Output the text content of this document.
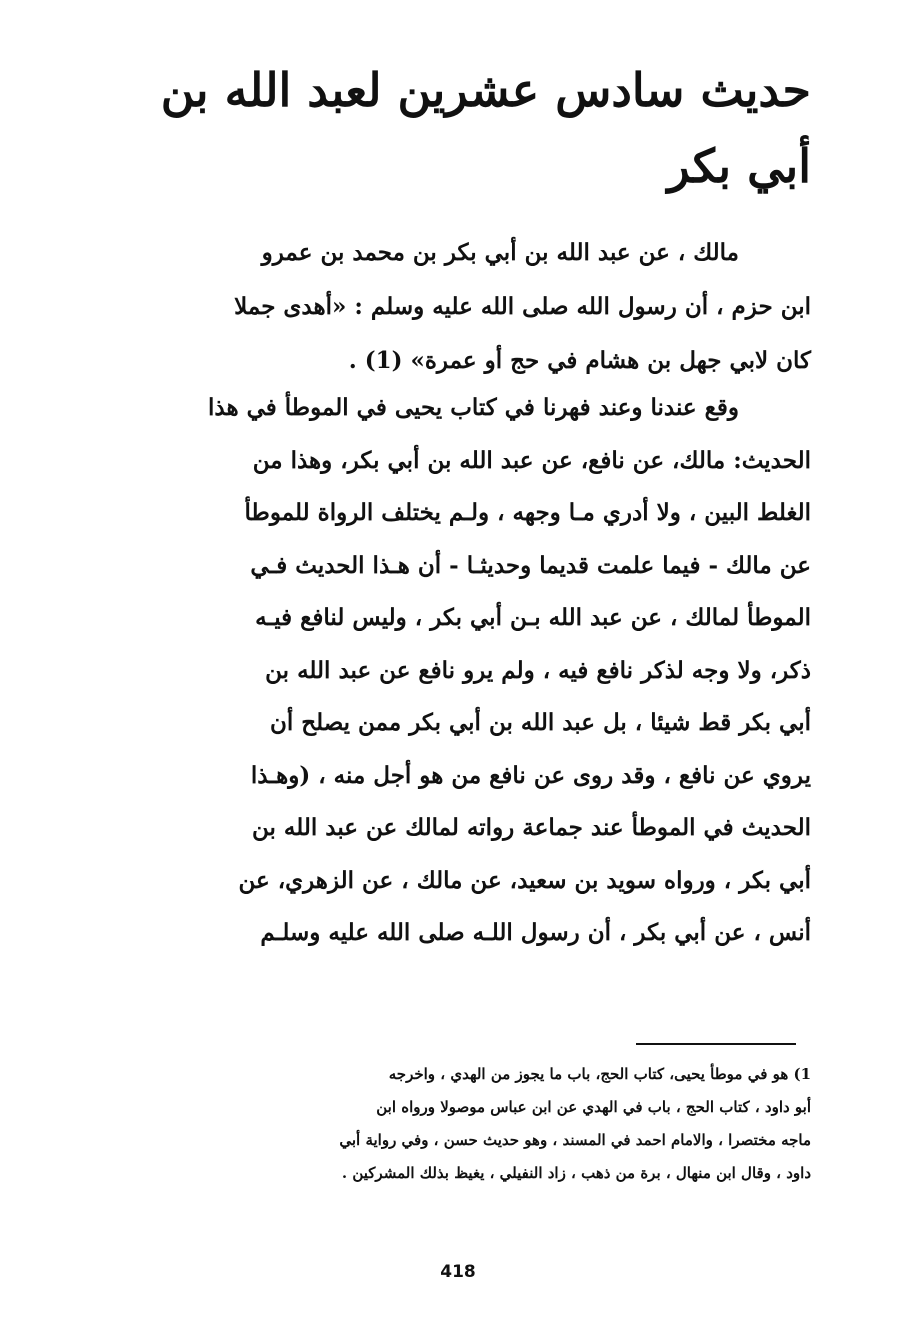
حديث سادس عشرين لعبد الله بن
أبي بكر
مالك ، عن عبد الله بن أبي بكر بن محمد بن عمرو
ابن حزم ، أن رسول الله صلى الله عليه وسلم : «أهدى جملا
كان لابي جهل بن هشام في حج أو عمرة» (1) .
وقع عندنا وعند فهرنا في كتاب يحيى في الموطأ في هذا
الحديث: مالك، عن نافع، عن عبد الله بن أبي بكر، وهذا من
الغلط البين ، ولا أدري مـا وجهه ، ولـم يختلف الرواة للموطأ
عن مالك - فيما علمت قديما وحديثـا - أن هـذا الحديث فـي
الموطأ لمالك ، عن عبد الله بـن أبي بكر ، وليس لنافع فيـه
ذكر، ولا وجه لذكر نافع فيه ، ولم يرو نافع عن عبد الله بن
أبي بكر قط شيئا ، بل عبد الله بن أبي بكر ممن يصلح أن
يروي عن نافع ، وقد روى عن نافع من هو أجل منه ، (وهـذا
الحديث في الموطأ عند جماعة رواته لمالك عن عبد الله بن
أبي بكر ، ورواه سويد بن سعيد، عن مالك ، عن الزهري، عن
أنس ، عن أبي بكر ، أن رسول اللـه صلى الله عليه وسلـم
1) هو في موطأ يحيى، كتاب الحج، باب ما يجوز من الهدي ، واخرجه
أبو داود ، كتاب الحج ، باب في الهدي عن ابن عباس موصولا ورواه ابن
ماجه مختصرا ، والامام احمد في المسند ، وهو حديث حسن ، وفي رواية أبي
داود ، وقال ابن منهال ، برة من ذهب ، زاد النفيلي ، يغيظ بذلك المشركين .
418
